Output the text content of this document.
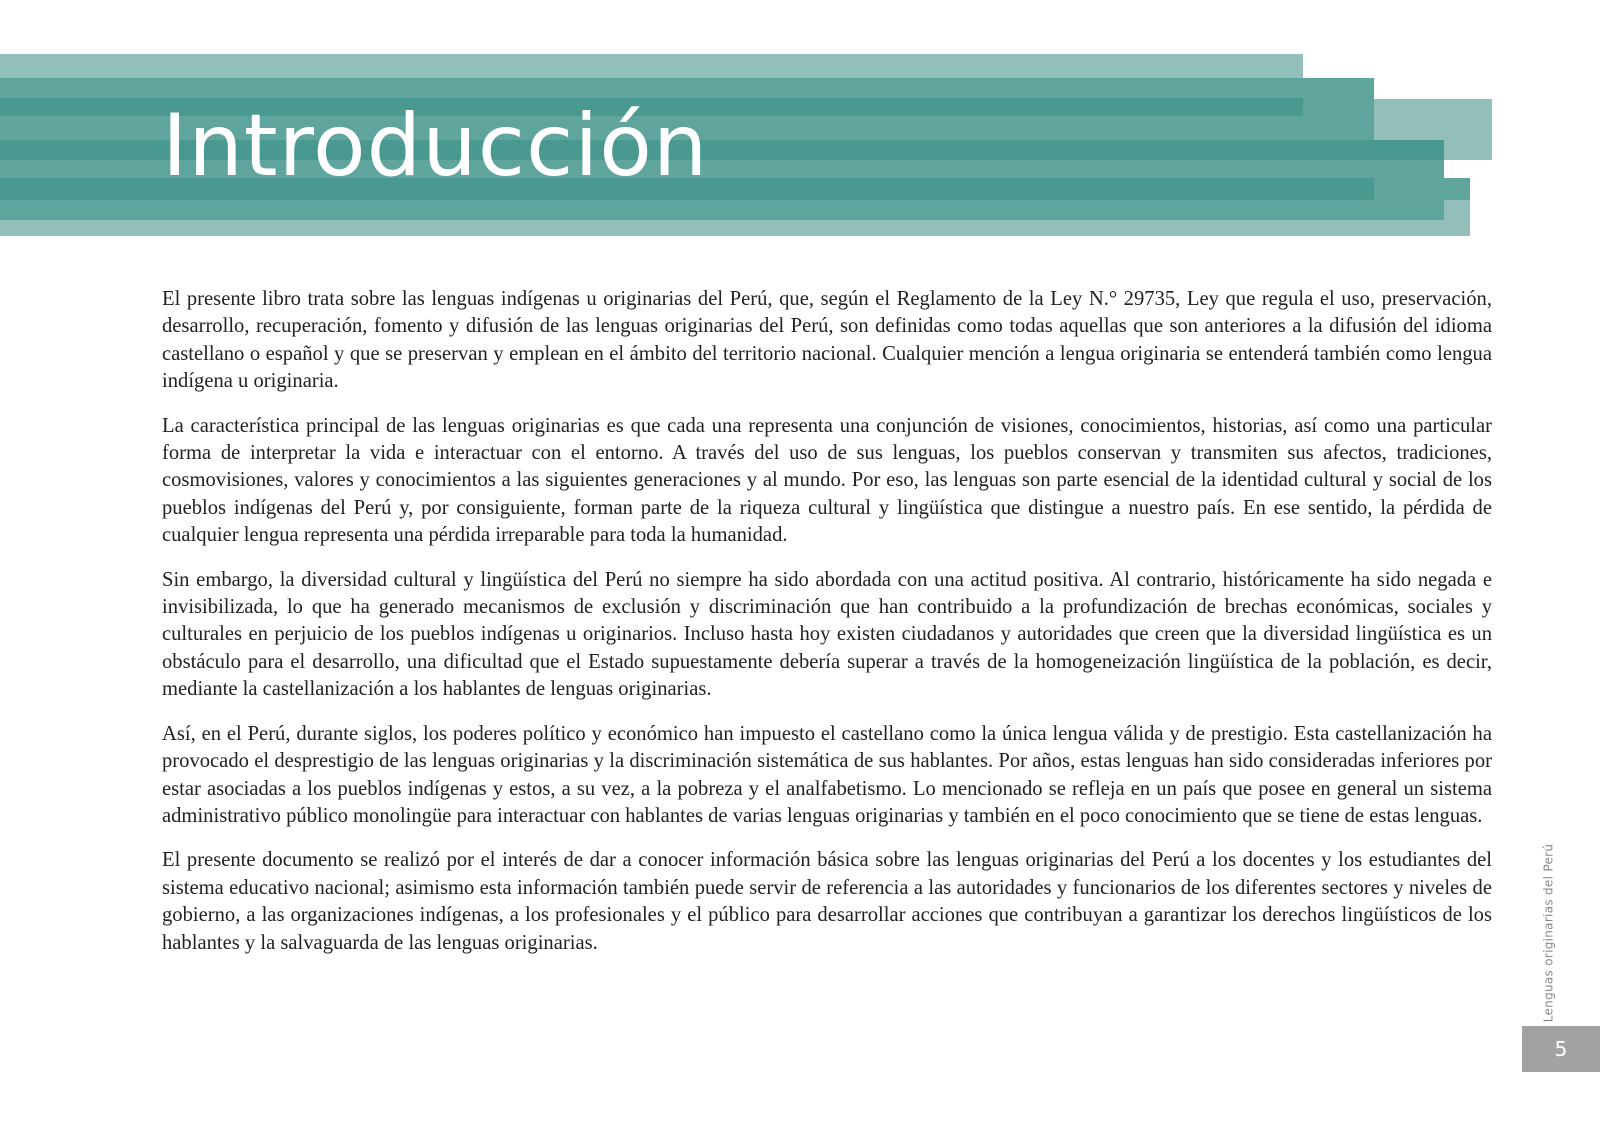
Introducción

El presente libro trata sobre las lenguas indígenas u originarias del Perú, que, según el Reglamento de la Ley N.° 29735, Ley que regula el uso, preservación, desarrollo, recuperación, fomento y difusión de las lenguas originarias del Perú, son definidas como todas aquellas que son anteriores a la difusión del idioma castellano o español y que se preservan y emplean en el ámbito del territorio nacional. Cualquier mención a lengua originaria se entenderá también como lengua indígena u originaria.

La característica principal de las lenguas originarias es que cada una representa una conjunción de visiones, conocimientos, historias, así como una particular forma de interpretar la vida e interactuar con el entorno. A través del uso de sus lenguas, los pueblos conservan y transmiten sus afectos, tradiciones, cosmovisiones, valores y conocimientos a las siguientes generaciones y al mundo. Por eso, las lenguas son parte esencial de la identidad cultural y social de los pueblos indígenas del Perú y, por consiguiente, forman parte de la riqueza cultural y lingüística que distingue a nuestro país. En ese sentido, la pérdida de cualquier lengua representa una pérdida irreparable para toda la humanidad.

Sin embargo, la diversidad cultural y lingüística del Perú no siempre ha sido abordada con una actitud positiva. Al contrario, históricamente ha sido negada e invisibilizada, lo que ha generado mecanismos de exclusión y discriminación que han contribuido a la profundización de brechas económicas, sociales y culturales en perjuicio de los pueblos indígenas u originarios. Incluso hasta hoy existen ciudadanos y autoridades que creen que la diversidad lingüística es un obstáculo para el desarrollo, una dificultad que el Estado supuestamente debería superar a través de la homogeneización lingüística de la población, es decir, mediante la castellanización a los hablantes de lenguas originarias.

Así, en el Perú, durante siglos, los poderes político y económico han impuesto el castellano como la única lengua válida y de prestigio. Esta castellanización ha provocado el desprestigio de las lenguas originarias y la discriminación sistemática de sus hablantes. Por años, estas lenguas han sido consideradas inferiores por estar asociadas a los pueblos indígenas y estos, a su vez, a la pobreza y el analfabetismo. Lo mencionado se refleja en un país que posee en general un sistema administrativo público monolingüe para interactuar con hablantes de varias lenguas originarias y también en el poco conocimiento que se tiene de estas lenguas.

El presente documento se realizó por el interés de dar a conocer información básica sobre las lenguas originarias del Perú a los docentes y los estudiantes del sistema educativo nacional; asimismo esta información también puede servir de referencia a las autoridades y funcionarios de los diferentes sectores y niveles de gobierno, a las organizaciones indígenas, a los profesionales y el público para desarrollar acciones que contribuyan a garantizar los derechos lingüísticos de los hablantes y la salvaguarda de las lenguas originarias.	Lenguas originarias del Perú
5
